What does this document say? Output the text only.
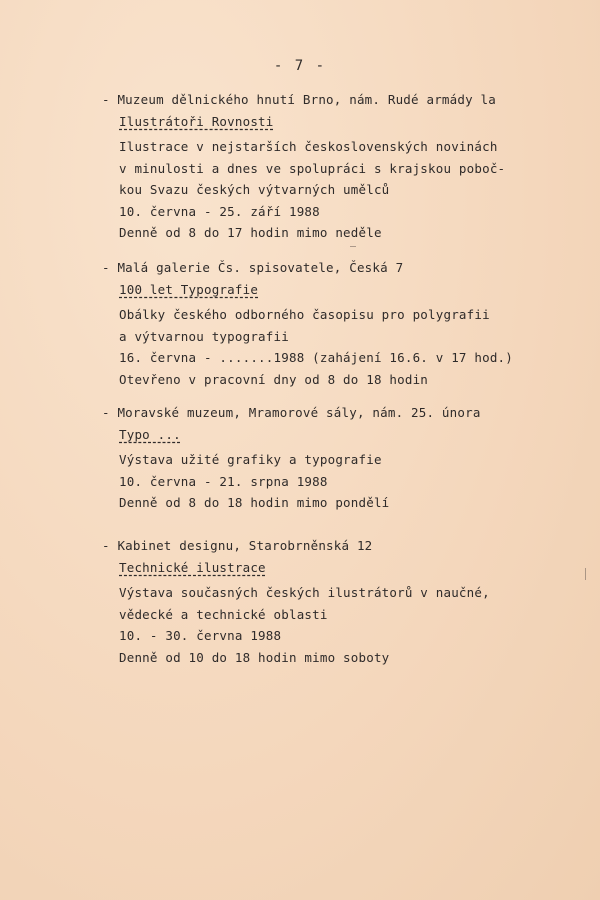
- 7 -
- Muzeum dělnického hnutí Brno, nám. Rudé armády la
Ilustrátoři Rovnosti
Ilustrace v nejstarších československých novinách
v minulosti a dnes ve spolupráci s krajskou poboč-
kou Svazu českých výtvarných umělců
10. června - 25. září 1988
Denně od 8 do 17 hodin mimo neděle
- Malá galerie Čs. spisovatele, Česká 7
100 let Typografie
Obálky českého odborného časopisu pro polygrafii
a výtvarnou typografii
16. června - .......1988 (zahájení 16.6. v 17 hod.)
Otevřeno v pracovní dny od 8 do 18 hodin
- Moravské muzeum, Mramorové sály, nám. 25. února
Typo ...
Výstava užité grafiky a typografie
10. června - 21. srpna 1988
Denně od 8 do 18 hodin mimo pondělí
- Kabinet designu, Starobrněnská 12
Technické ilustrace
Výstava současných českých ilustrátorů v naučné,
vědecké a technické oblasti
10. - 30. června 1988
Denně od 10 do 18 hodin mimo soboty
